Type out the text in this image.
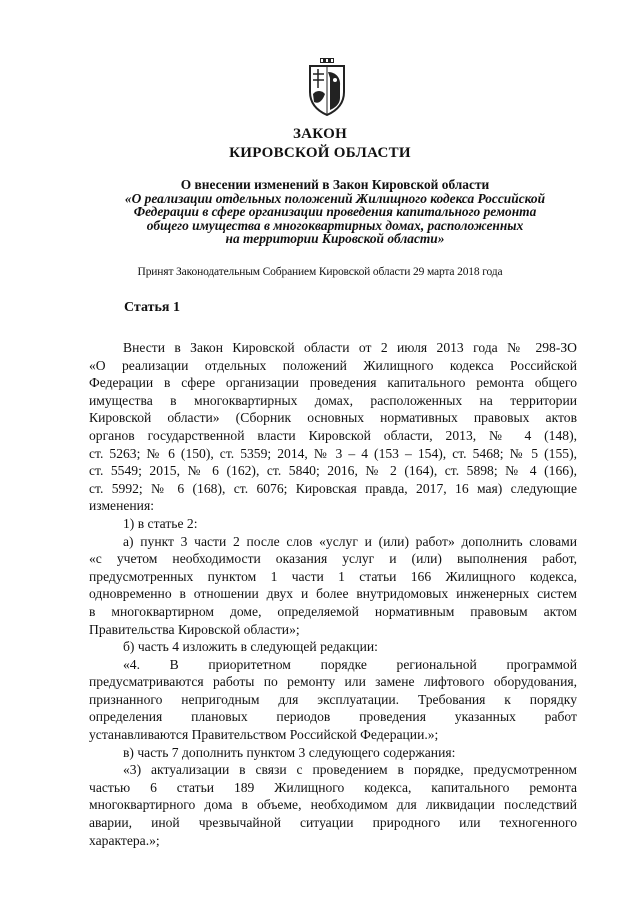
ЗАКОН
КИРОВСКОЙ ОБЛАСТИ
О внесении изменений в Закон Кировской области
«О реализации отдельных положений Жилищного кодекса Российской
Федерации в сфере организации проведения капитального ремонта
общего имущества в многоквартирных домах, расположенных
на территории Кировской области»
Принят Законодательным Собранием Кировской области 29 марта 2018 года
Статья 1
Внести в Закон Кировской области от 2 июля 2013 года № 298-ЗО
«О реализации отдельных положений Жилищного кодекса Российской
Федерации в сфере организации проведения капитального ремонта общего
имущества в многоквартирных домах, расположенных на территории
Кировской области» (Сборник основных нормативных правовых актов
органов государственной власти Кировской области, 2013, № 4 (148),
ст. 5263; № 6 (150), ст. 5359; 2014, № 3 – 4 (153 – 154), ст. 5468; № 5 (155),
ст. 5549; 2015, № 6 (162), ст. 5840; 2016, № 2 (164), ст. 5898; № 4 (166),
ст. 5992; № 6 (168), ст. 6076; Кировская правда, 2017, 16 мая) следующие
изменения:
1) в статье 2:
а) пункт 3 части 2 после слов «услуг и (или) работ» дополнить словами
«с учетом необходимости оказания услуг и (или) выполнения работ,
предусмотренных пунктом 1 части 1 статьи 166 Жилищного кодекса,
одновременно в отношении двух и более внутридомовых инженерных систем
в многоквартирном доме, определяемой нормативным правовым актом
Правительства Кировской области»;
б) часть 4 изложить в следующей редакции:
«4. В приоритетном порядке региональной программой
предусматриваются работы по ремонту или замене лифтового оборудования,
признанного непригодным для эксплуатации. Требования к порядку
определения плановых периодов проведения указанных работ
устанавливаются Правительством Российской Федерации.»;
в) часть 7 дополнить пунктом 3 следующего содержания:
«3) актуализации в связи с проведением в порядке, предусмотренном
частью 6 статьи 189 Жилищного кодекса, капитального ремонта
многоквартирного дома в объеме, необходимом для ликвидации последствий
аварии, иной чрезвычайной ситуации природного или техногенного
характера.»;
